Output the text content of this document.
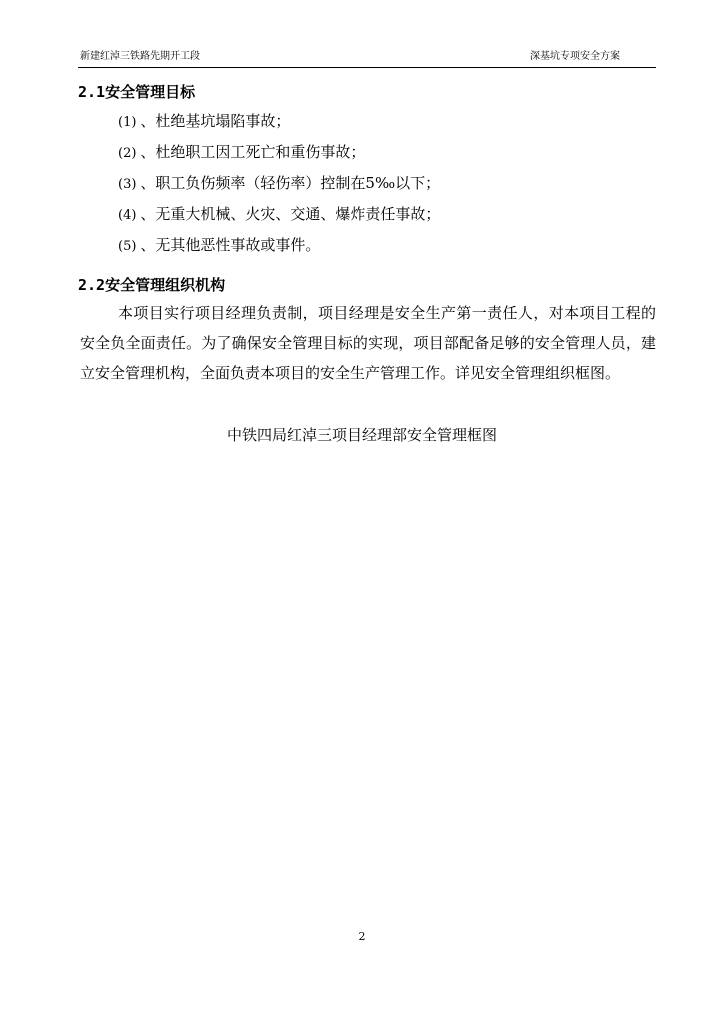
新建红淖三铁路先期开工段	深基坑专项安全方案
2.1安全管理目标
(1) 、杜绝基坑塌陷事故；
(2) 、杜绝职工因工死亡和重伤事故；
(3) 、职工负伤频率（轻伤率）控制在5‰以下；
(4) 、无重大机械、火灾、交通、爆炸责任事故；
(5) 、无其他恶性事故或事件。
2.2安全管理组织机构
本项目实行项目经理负责制，项目经理是安全生产第一责任人，对本项目工程的安全负全面责任。为了确保安全管理目标的实现，项目部配备足够的安全管理人员，建立安全管理机构，全面负责本项目的安全生产管理工作。详见安全管理组织框图。
中铁四局红淖三项目经理部安全管理框图
2
